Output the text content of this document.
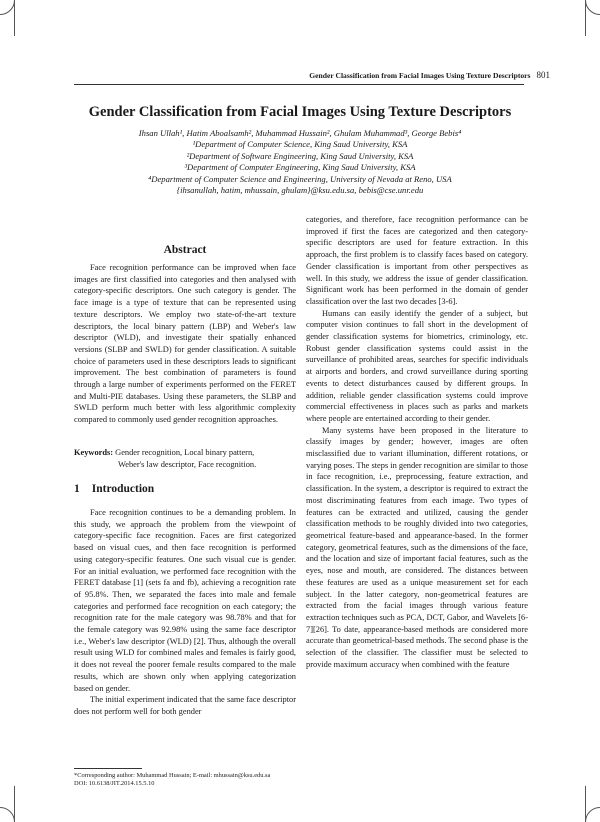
Gender Classification from Facial Images Using Texture Descriptors 801
Gender Classification from Facial Images Using Texture Descriptors
Ihsan Ullah¹, Hatim Aboalsamh², Muhammad Hussain², Ghulam Muhammad³, George Bebis⁴
¹Department of Computer Science, King Saud University, KSA
²Department of Software Engineering, King Saud University, KSA
³Department of Computer Engineering, King Saud University, KSA
⁴Department of Computer Science and Engineering, University of Nevada at Reno, USA
{ihsanullah, hatim, mhussain, ghulam}@ksu.edu.sa, bebis@cse.unr.edu
Abstract

Face recognition performance can be improved when face images are first classified into categories and then analysed with category-specific descriptors. One such category is gender. The face image is a type of texture that can be represented using texture descriptors. We employ two state-of-the-art texture descriptors, the local binary pattern (LBP) and Weber's law descriptor (WLD), and investigate their spatially enhanced versions (SLBP and SWLD) for gender classification. A suitable choice of parameters used in these descriptors leads to significant improvement. The best combination of parameters is found through a large number of experiments performed on the FERET and Multi-PIE databases. Using these parameters, the SLBP and SWLD perform much better with less algorithmic complexity compared to commonly used gender recognition approaches.

Keywords: Gender recognition, Local binary pattern,
Weber's law descriptor, Face recognition.
1 Introduction

Face recognition continues to be a demanding problem. In this study, we approach the problem from the viewpoint of category-specific face recognition. Faces are first categorized based on visual cues, and then face recognition is performed using category-specific features. One such visual cue is gender. For an initial evaluation, we performed face recognition with the FERET database [1] (sets fa and fb), achieving a recognition rate of 95.8%. Then, we separated the faces into male and female categories and performed face recognition on each category; the recognition rate for the male category was 98.78% and that for the female category was 92.98% using the same face descriptor i.e., Weber's law descriptor (WLD) [2]. Thus, although the overall result using WLD for combined males and females is fairly good, it does not reveal the poorer female results compared to the male results, which are shown only when applying categorization based on gender.

The initial experiment indicated that the same face descriptor does not perform well for both gender

categories, and therefore, face recognition performance can be improved if first the faces are categorized and then category-specific descriptors are used for feature extraction. In this approach, the first problem is to classify faces based on category. Gender classification is important from other perspectives as well. In this study, we address the issue of gender classification. Significant work has been performed in the domain of gender classification over the last two decades [3-6].

Humans can easily identify the gender of a subject, but computer vision continues to fall short in the development of gender classification systems for biometrics, criminology, etc. Robust gender classification systems could assist in the surveillance of prohibited areas, searches for specific individuals at airports and borders, and crowd surveillance during sporting events to detect disturbances caused by different groups. In addition, reliable gender classification systems could improve commercial effectiveness in places such as parks and markets where people are entertained according to their gender.

Many systems have been proposed in the literature to classify images by gender; however, images are often misclassified due to variant illumination, different rotations, or varying poses. The steps in gender recognition are similar to those in face recognition, i.e., preprocessing, feature extraction, and classification. In the system, a descriptor is required to extract the most discriminating features from each image. Two types of features can be extracted and utilized, causing the gender classification methods to be roughly divided into two categories, geometrical feature-based and appearance-based. In the former category, geometrical features, such as the dimensions of the face, and the location and size of important facial features, such as the eyes, nose and mouth, are considered. The distances between these features are used as a unique measurement set for each subject. In the latter category, non-geometrical features are extracted from the facial images through various feature extraction techniques such as PCA, DCT, Gabor, and Wavelets [6-7][26]. To date, appearance-based methods are considered more accurate than geometrical-based methods. The second phase is the selection of the classifier. The classifier must be selected to provide maximum accuracy when combined with the feature

*Corresponding author: Muhammad Hussain; E-mail: mhussain@ksu.edu.sa
DOI: 10.6138/JIT.2014.15.5.10
